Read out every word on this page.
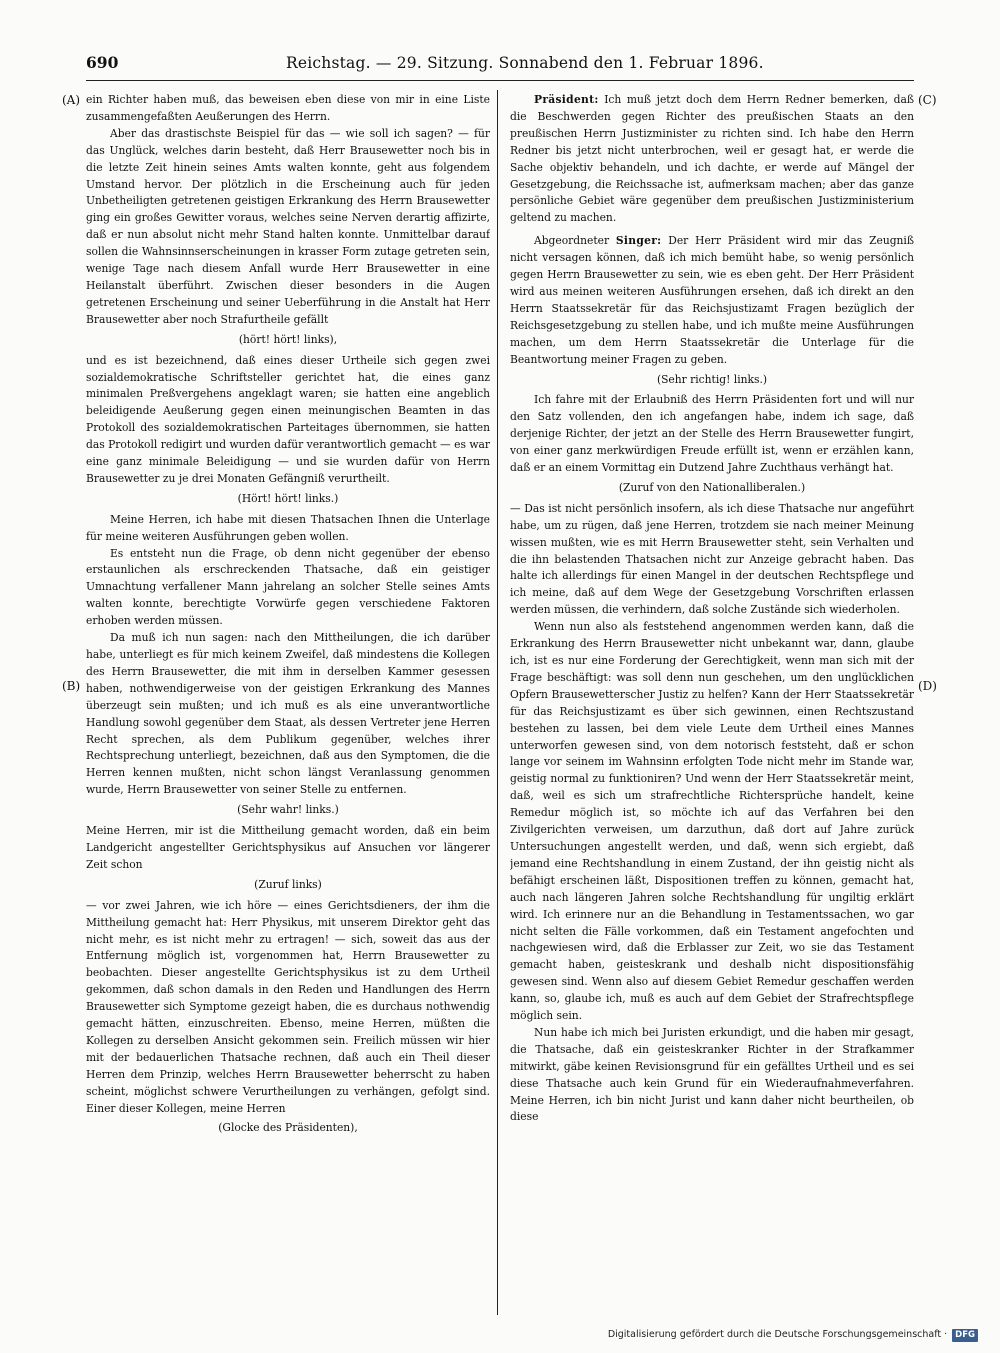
690	Reichstag. — 29. Sitzung. Sonnabend den 1. Februar 1896.
(A)
(B)
(C)
(D)

ein Richter haben muß, das beweisen eben diese von mir in eine Liste zusammengefaßten Aeußerungen des Herrn.

Aber das drastischste Beispiel für das — wie soll ich sagen? — für das Unglück, welches darin besteht, daß Herr Brausewetter noch bis in die letzte Zeit hinein seines Amts walten konnte, geht aus folgendem Umstand hervor. Der plötzlich in die Erscheinung auch für jeden Unbetheiligten getretenen geistigen Erkrankung des Herrn Brausewetter ging ein großes Gewitter voraus, welches seine Nerven derartig affizirte, daß er nun absolut nicht mehr Stand halten konnte. Unmittelbar darauf sollen die Wahnsinnserscheinungen in krasser Form zutage getreten sein, wenige Tage nach diesem Anfall wurde Herr Brausewetter in eine Heilanstalt überführt. Zwischen dieser besonders in die Augen getretenen Erscheinung und seiner Ueberführung in die Anstalt hat Herr Brausewetter aber noch Strafurtheile gefällt

(hört! hört! links),

und es ist bezeichnend, daß eines dieser Urtheile sich gegen zwei sozialdemokratische Schriftsteller gerichtet hat, die eines ganz minimalen Preßvergehens angeklagt waren; sie hatten eine angeblich beleidigende Aeußerung gegen einen meinungischen Beamten in das Protokoll des sozialdemokratischen Parteitages übernommen, sie hatten das Protokoll redigirt und wurden dafür verantwortlich gemacht — es war eine ganz minimale Beleidigung — und sie wurden dafür von Herrn Brausewetter zu je drei Monaten Gefängniß verurtheilt.

(Hört! hört! links.)

Meine Herren, ich habe mit diesen Thatsachen Ihnen die Unterlage für meine weiteren Ausführungen geben wollen.

Es entsteht nun die Frage, ob denn nicht gegenüber der ebenso erstaunlichen als erschreckenden Thatsache, daß ein geistiger Umnachtung verfallener Mann jahrelang an solcher Stelle seines Amts walten konnte, berechtigte Vorwürfe gegen verschiedene Faktoren erhoben werden müssen.

Da muß ich nun sagen: nach den Mittheilungen, die ich darüber habe, unterliegt es für mich keinem Zweifel, daß mindestens die Kollegen des Herrn Brausewetter, die mit ihm in derselben Kammer gesessen haben, nothwendigerweise von der geistigen Erkrankung des Mannes überzeugt sein mußten; und ich muß es als eine unverantwortliche Handlung sowohl gegenüber dem Staat, als dessen Vertreter jene Herren Recht sprechen, als dem Publikum gegenüber, welches ihrer Rechtsprechung unterliegt, bezeichnen, daß aus den Symptomen, die die Herren kennen mußten, nicht schon längst Veranlassung genommen wurde, Herrn Brausewetter von seiner Stelle zu entfernen.

(Sehr wahr! links.)

Meine Herren, mir ist die Mittheilung gemacht worden, daß ein beim Landgericht angestellter Gerichtsphysikus auf Ansuchen vor längerer Zeit schon

(Zuruf links)

— vor zwei Jahren, wie ich höre — eines Gerichtsdieners, der ihm die Mittheilung gemacht hat: Herr Physikus, mit unserem Direktor geht das nicht mehr, es ist nicht mehr zu ertragen! — sich, soweit das aus der Entfernung möglich ist, vorgenommen hat, Herrn Brausewetter zu beobachten. Dieser angestellte Gerichtsphysikus ist zu dem Urtheil gekommen, daß schon damals in den Reden und Handlungen des Herrn Brausewetter sich Symptome gezeigt haben, die es durchaus nothwendig gemacht hätten, einzuschreiten. Ebenso, meine Herren, müßten die Kollegen zu derselben Ansicht gekommen sein. Freilich müssen wir hier mit der bedauerlichen Thatsache rechnen, daß auch ein Theil dieser Herren dem Prinzip, welches Herrn Brausewetter beherrscht zu haben scheint, möglichst schwere Verurtheilungen zu verhängen, gefolgt sind. Einer dieser Kollegen, meine Herren

(Glocke des Präsidenten),

Präsident: Ich muß jetzt doch dem Herrn Redner bemerken, daß die Beschwerden gegen Richter des preußischen Staats an den preußischen Herrn Justizminister zu richten sind. Ich habe den Herrn Redner bis jetzt nicht unterbrochen, weil er gesagt hat, er werde die Sache objektiv behandeln, und ich dachte, er werde auf Mängel der Gesetzgebung, die Reichssache ist, aufmerksam machen; aber das ganze persönliche Gebiet wäre gegenüber dem preußischen Justizministerium geltend zu machen.

Abgeordneter Singer: Der Herr Präsident wird mir das Zeugniß nicht versagen können, daß ich mich bemüht habe, so wenig persönlich gegen Herrn Brausewetter zu sein, wie es eben geht. Der Herr Präsident wird aus meinen weiteren Ausführungen ersehen, daß ich direkt an den Herrn Staatssekretär für das Reichsjustizamt Fragen bezüglich der Reichsgesetzgebung zu stellen habe, und ich mußte meine Ausführungen machen, um dem Herrn Staatssekretär die Unterlage für die Beantwortung meiner Fragen zu geben.

(Sehr richtig! links.)

Ich fahre mit der Erlaubniß des Herrn Präsidenten fort und will nur den Satz vollenden, den ich angefangen habe, indem ich sage, daß derjenige Richter, der jetzt an der Stelle des Herrn Brausewetter fungirt, von einer ganz merkwürdigen Freude erfüllt ist, wenn er erzählen kann, daß er an einem Vormittag ein Dutzend Jahre Zuchthaus verhängt hat.

(Zuruf von den Nationalliberalen.)

— Das ist nicht persönlich insofern, als ich diese Thatsache nur angeführt habe, um zu rügen, daß jene Herren, trotzdem sie nach meiner Meinung wissen mußten, wie es mit Herrn Brausewetter steht, sein Verhalten und die ihn belastenden Thatsachen nicht zur Anzeige gebracht haben. Das halte ich allerdings für einen Mangel in der deutschen Rechtspflege und ich meine, daß auf dem Wege der Gesetzgebung Vorschriften erlassen werden müssen, die verhindern, daß solche Zustände sich wiederholen.

Wenn nun also als feststehend angenommen werden kann, daß die Erkrankung des Herrn Brausewetter nicht unbekannt war, dann, glaube ich, ist es nur eine Forderung der Gerechtigkeit, wenn man sich mit der Frage beschäftigt: was soll denn nun geschehen, um den unglücklichen Opfern Brausewetterscher Justiz zu helfen? Kann der Herr Staatssekretär für das Reichsjustizamt es über sich gewinnen, einen Rechtszustand bestehen zu lassen, bei dem viele Leute dem Urtheil eines Mannes unterworfen gewesen sind, von dem notorisch feststeht, daß er schon lange vor seinem im Wahnsinn erfolgten Tode nicht mehr im Stande war, geistig normal zu funktioniren? Und wenn der Herr Staatssekretär meint, daß, weil es sich um strafrechtliche Richtersprüche handelt, keine Remedur möglich ist, so möchte ich auf das Verfahren bei den Zivilgerichten verweisen, um darzuthun, daß dort auf Jahre zurück Untersuchungen angestellt werden, und daß, wenn sich ergiebt, daß jemand eine Rechtshandlung in einem Zustand, der ihn geistig nicht als befähigt erscheinen läßt, Dispositionen treffen zu können, gemacht hat, auch nach längeren Jahren solche Rechtshandlung für ungiltig erklärt wird. Ich erinnere nur an die Behandlung in Testamentssachen, wo gar nicht selten die Fälle vorkommen, daß ein Testament angefochten und nachgewiesen wird, daß die Erblasser zur Zeit, wo sie das Testament gemacht haben, geisteskrank und deshalb nicht dispositionsfähig gewesen sind. Wenn also auf diesem Gebiet Remedur geschaffen werden kann, so, glaube ich, muß es auch auf dem Gebiet der Strafrechtspflege möglich sein.

Nun habe ich mich bei Juristen erkundigt, und die haben mir gesagt, die Thatsache, daß ein geisteskranker Richter in der Strafkammer mitwirkt, gäbe keinen Revisionsgrund für ein gefälltes Urtheil und es sei diese Thatsache auch kein Grund für ein Wiederaufnahmeverfahren. Meine Herren, ich bin nicht Jurist und kann daher nicht beurtheilen, ob diese

Digitalisierung gefördert durch die Deutsche Forschungsgemeinschaft · DFG
